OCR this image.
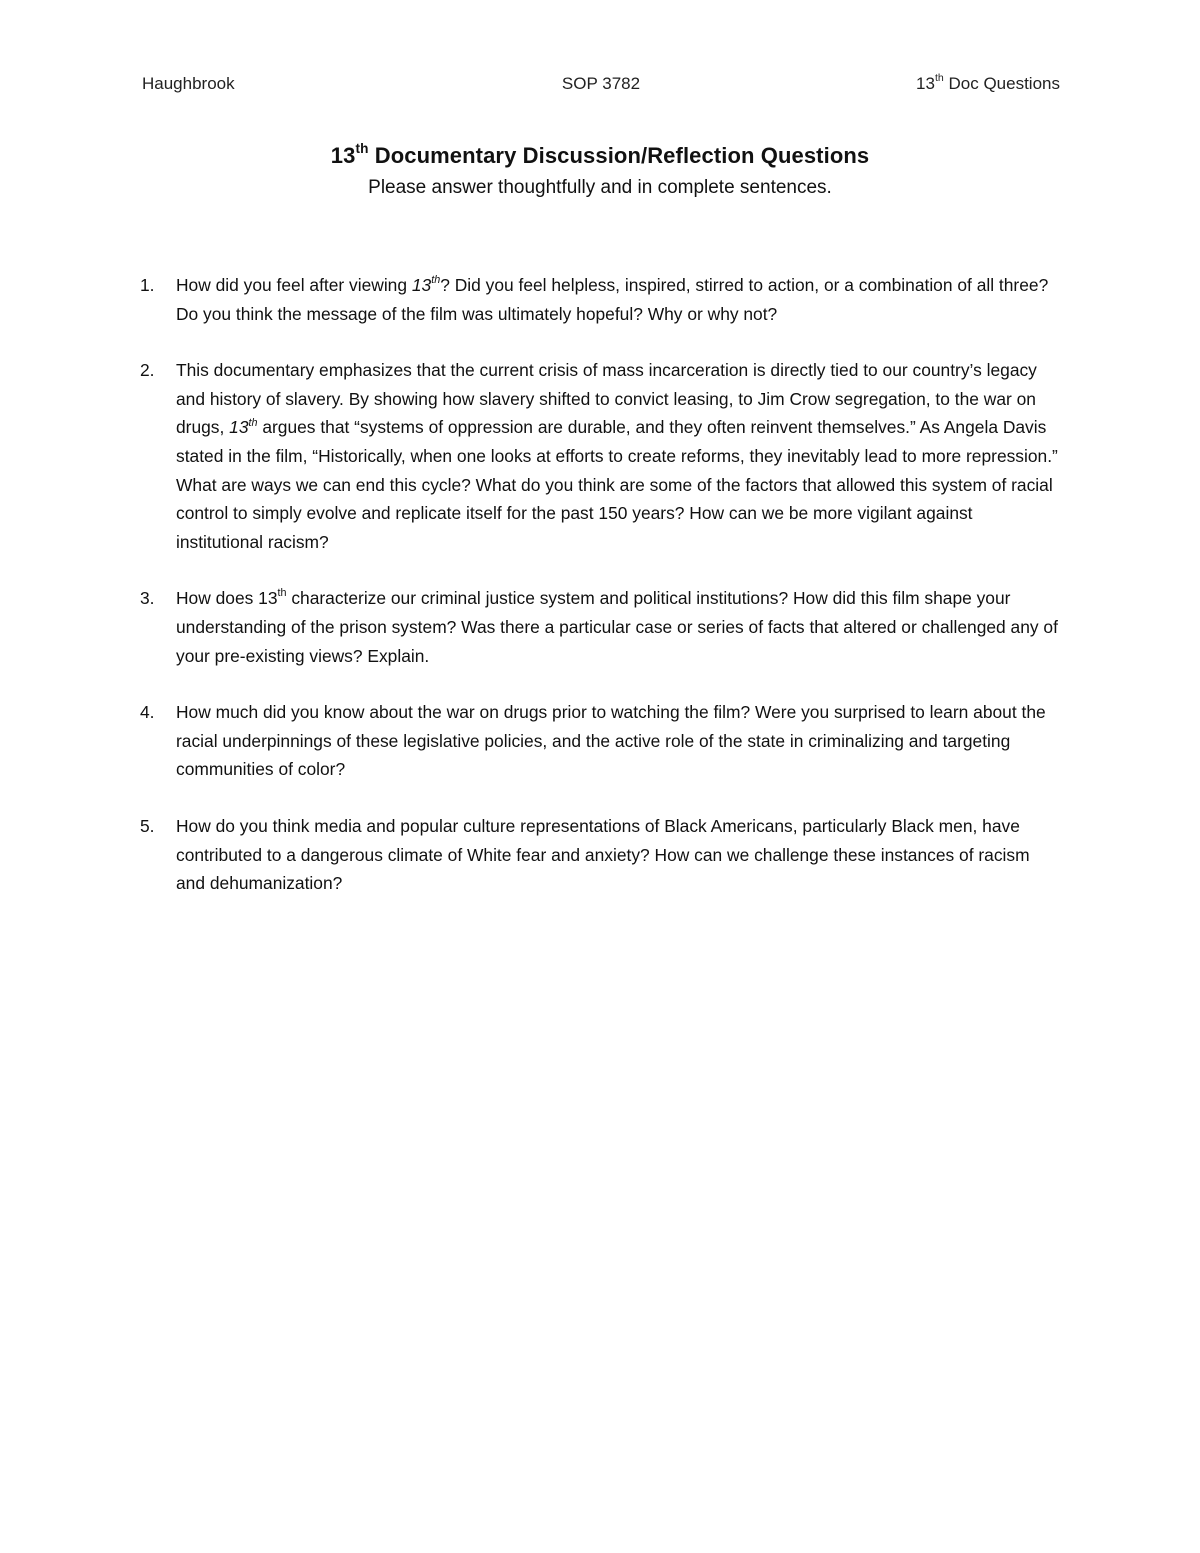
Haughbrook	SOP 3782	13th Doc Questions
13th Documentary Discussion/Reflection Questions
Please answer thoughtfully and in complete sentences.
1. How did you feel after viewing 13th? Did you feel helpless, inspired, stirred to action, or a combination of all three? Do you think the message of the film was ultimately hopeful? Why or why not?
2. This documentary emphasizes that the current crisis of mass incarceration is directly tied to our country’s legacy and history of slavery. By showing how slavery shifted to convict leasing, to Jim Crow segregation, to the war on drugs, 13th argues that “systems of oppression are durable, and they often reinvent themselves.” As Angela Davis stated in the film, “Historically, when one looks at efforts to create reforms, they inevitably lead to more repression.” What are ways we can end this cycle? What do you think are some of the factors that allowed this system of racial control to simply evolve and replicate itself for the past 150 years? How can we be more vigilant against institutional racism?
3. How does 13th characterize our criminal justice system and political institutions? How did this film shape your understanding of the prison system? Was there a particular case or series of facts that altered or challenged any of your pre-existing views? Explain.
4. How much did you know about the war on drugs prior to watching the film? Were you surprised to learn about the racial underpinnings of these legislative policies, and the active role of the state in criminalizing and targeting communities of color?
5. How do you think media and popular culture representations of Black Americans, particularly Black men, have contributed to a dangerous climate of White fear and anxiety? How can we challenge these instances of racism and dehumanization?
